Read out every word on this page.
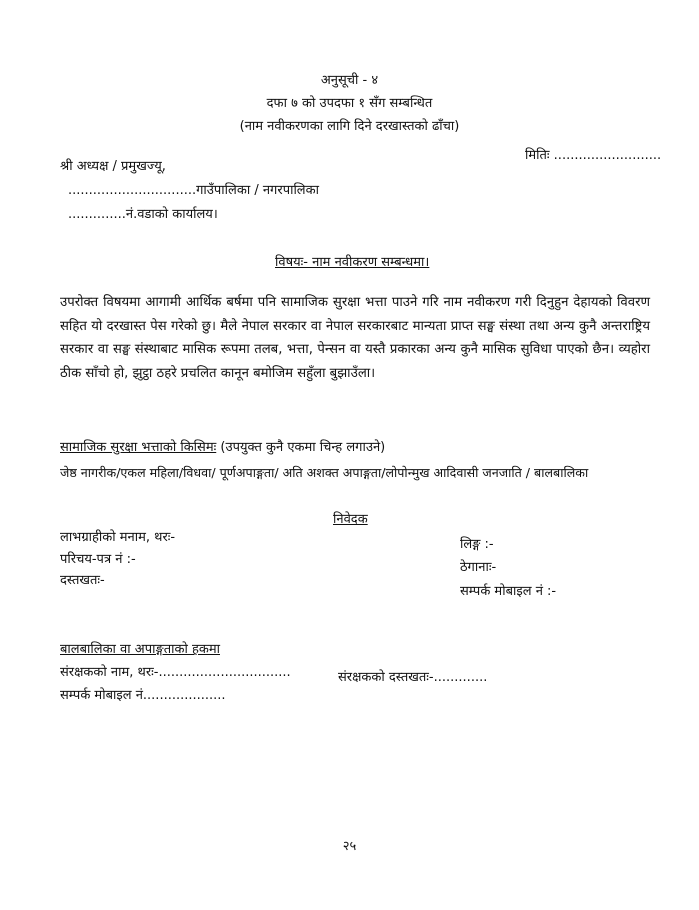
अनुसूची - ४
दफा ७ को उपदफा १ सँग सम्बन्धित
(नाम नवीकरणका लागि दिने दरखास्तको ढाँचा)
मितिः ..........................
श्री अध्यक्ष / प्रमुखज्यू,
...............................गाउँपालिका / नगरपालिका
..............नं.वडाको कार्यालय।
विषयः- नाम नवीकरण सम्बन्धमा।
उपरोक्त विषयमा आगामी आर्थिक बर्षमा पनि सामाजिक सुरक्षा भत्ता पाउने गरि नाम नवीकरण गरी दिनुहुन देहायको विवरण सहित यो दरखास्त पेस गरेको छु। मैले नेपाल सरकार वा नेपाल सरकारबाट मान्यता प्राप्त सङ्घ संस्था तथा अन्य कुनै अन्तराष्ट्रिय सरकार वा सङ्घ संस्थाबाट मासिक रूपमा तलब, भत्ता, पेन्सन वा यस्तै प्रकारका अन्य कुनै मासिक सुविधा पाएको छैन। व्यहोरा ठीक साँचो हो, झुट्ठा ठहरे प्रचलित कानून बमोजिम सहुँला बुझाउँला।
सामाजिक सुरक्षा भत्ताको किसिमः (उपयुक्त कुनै एकमा चिन्ह लगाउने)
जेष्ठ नागरीक/एकल महिला/विधवा/ पूर्णअपाङ्गता/ अति अशक्त अपाङ्गता/लोपोन्मुख आदिवासी जनजाति / बालबालिका
निवेदक
लाभग्राहीको मनाम, थरः-
परिचय-पत्र नं :-
दस्तखतः-
लिङ्ग :-
ठेगानाः-
सम्पर्क मोबाइल नं :-
बालबालिका वा अपाङ्गताको हकमा
संरक्षकको नाम, थरः-................................	संरक्षकको दस्तखतः-.............
सम्पर्क मोबाइल नं....................
२५
